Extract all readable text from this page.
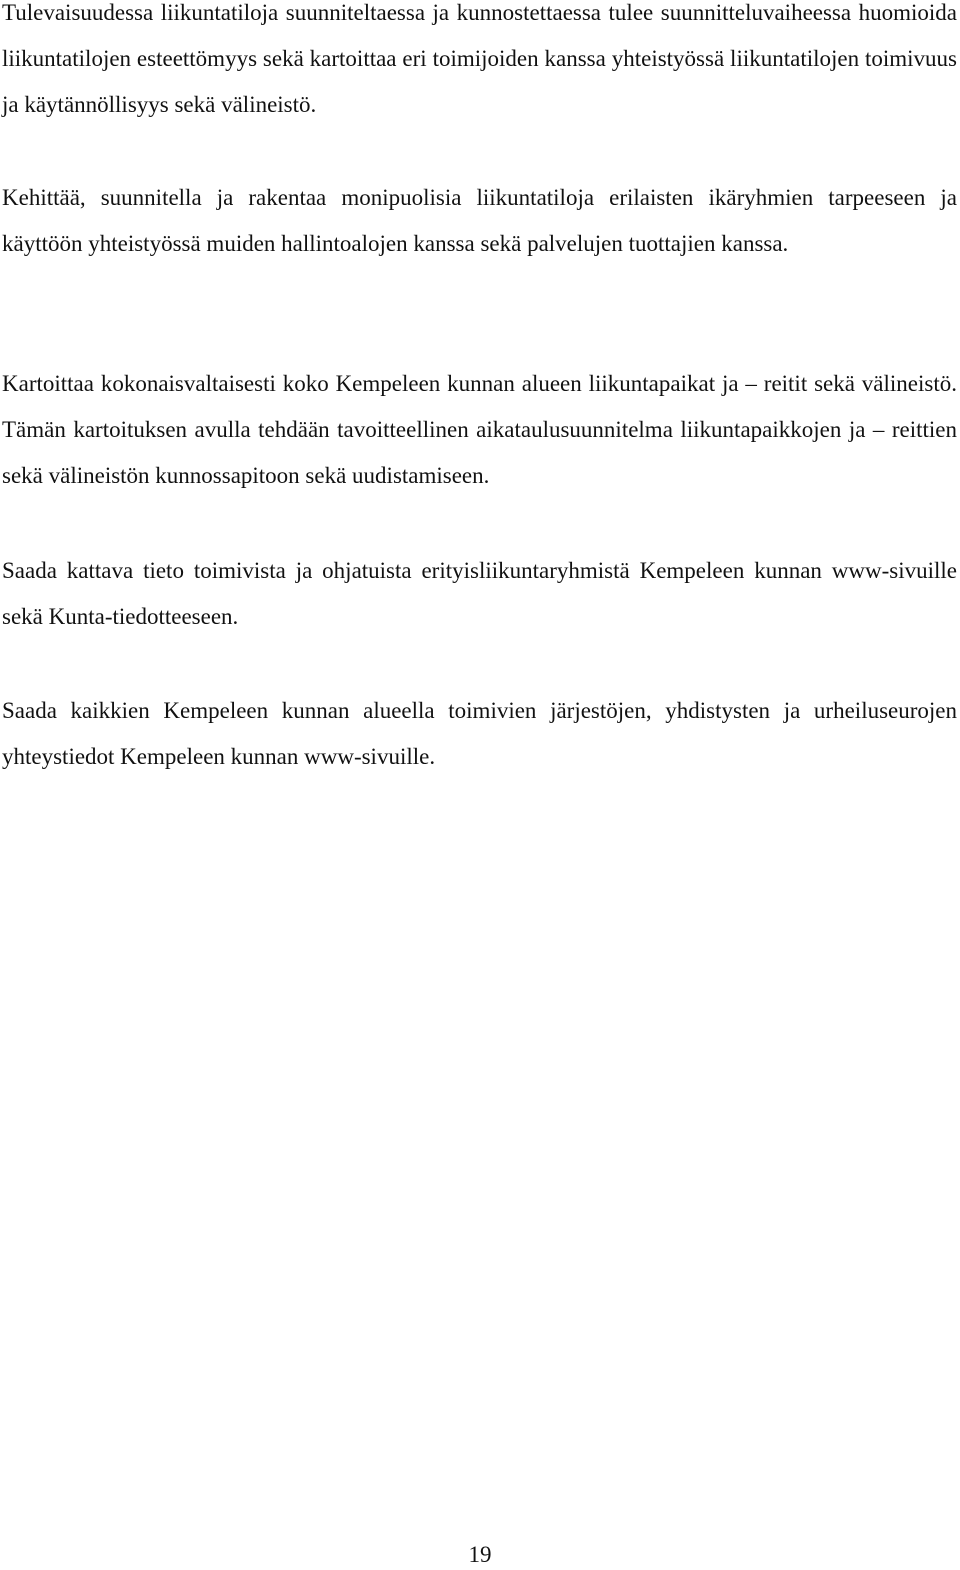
Tulevaisuudessa liikuntatiloja suunniteltaessa ja kunnostettaessa tulee suunnitteluvaiheessa huomioida liikuntatilojen esteettömyys sekä kartoittaa eri toimijoiden kanssa yhteistyössä liikuntatilojen toimivuus ja käytännöllisyys sekä välineistö.

Kehittää, suunnitella ja rakentaa monipuolisia liikuntatiloja erilaisten ikäryhmien tarpeeseen ja käyttöön yhteistyössä muiden hallintoalojen kanssa sekä palvelujen tuottajien kanssa.

Kartoittaa kokonaisvaltaisesti koko Kempeleen kunnan alueen liikuntapaikat ja – reitit sekä välineistö. Tämän kartoituksen avulla tehdään tavoitteellinen aikataulusuunnitelma liikuntapaikkojen ja – reittien sekä välineistön kunnossapitoon sekä uudistamiseen.

Saada kattava tieto toimivista ja ohjatuista erityisliikuntaryhmistä Kempeleen kunnan www-sivuille sekä Kunta-tiedotteeseen.

Saada kaikkien Kempeleen kunnan alueella toimivien järjestöjen, yhdistysten ja urheiluseurojen yhteystiedot Kempeleen kunnan www-sivuille.

19
